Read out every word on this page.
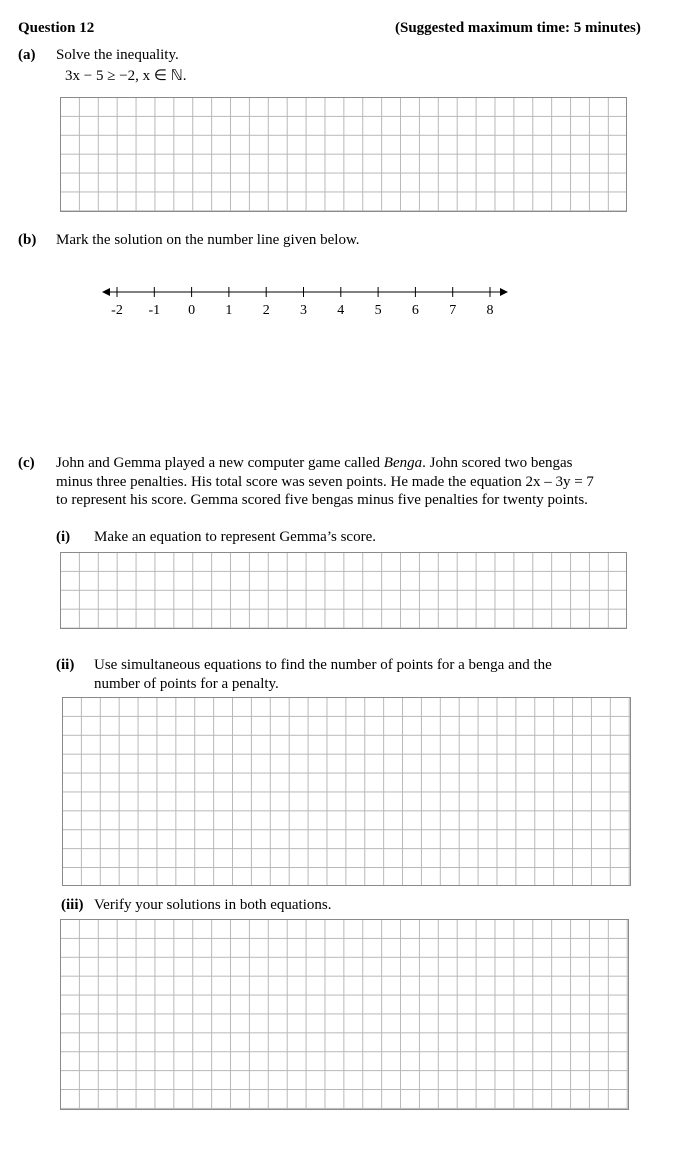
Question 12	(Suggested maximum time: 5 minutes)
(a) Solve the inequality.
3x − 5 ≥ −2, x ∈ ℕ.
(b) Mark the solution on the number line given below.
-2 -1 0 1 2 3 4 5 6 7 8
(c) John and Gemma played a new computer game called Benga. John scored two bengas
minus three penalties. His total score was seven points. He made the equation 2x – 3y = 7
to represent his score. Gemma scored five bengas minus five penalties for twenty points.
(i) Make an equation to represent Gemma’s score.
(ii) Use simultaneous equations to find the number of points for a benga and the
number of points for a penalty.
(iii) Verify your solutions in both equations.
